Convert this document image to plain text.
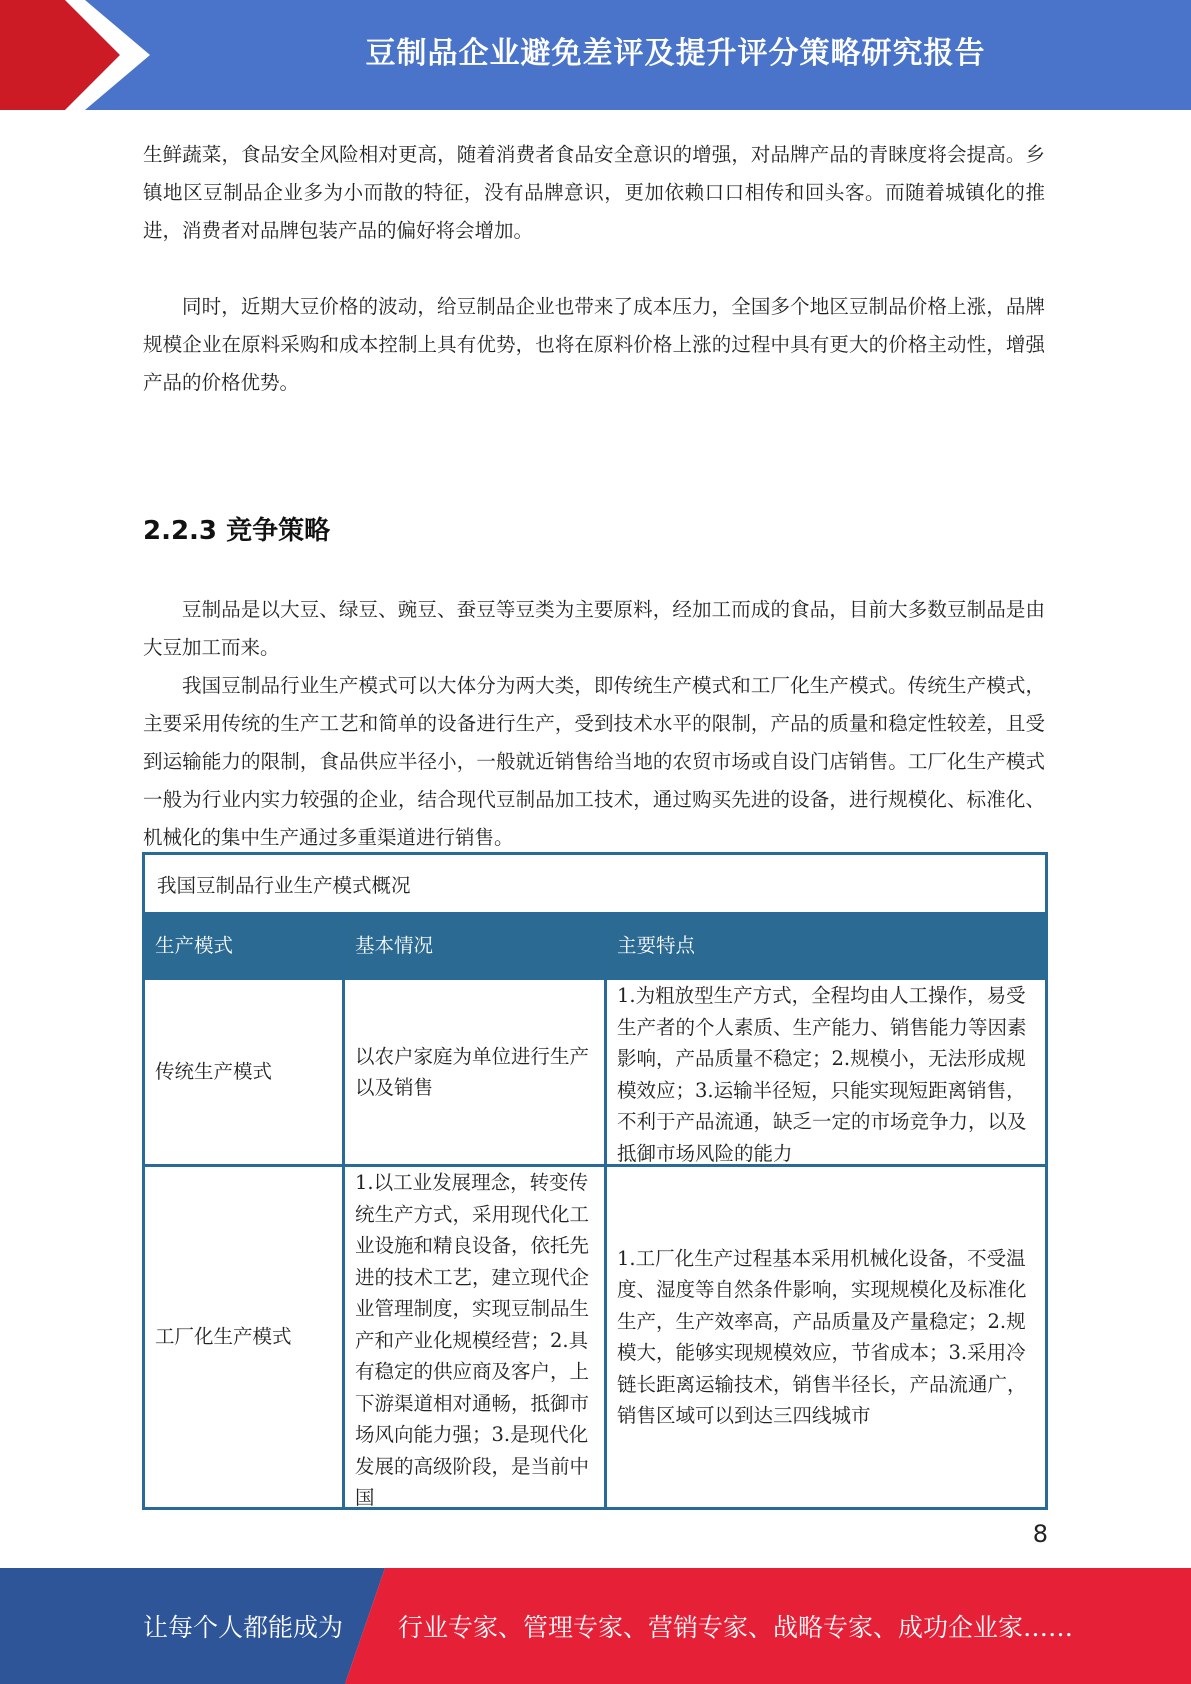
豆制品企业避免差评及提升评分策略研究报告

生鲜蔬菜，食品安全风险相对更高，随着消费者食品安全意识的增强，对品牌产品的青睐度将会提高。乡镇地区豆制品企业多为小而散的特征，没有品牌意识，更加依赖口口相传和回头客。而随着城镇化的推进，消费者对品牌包装产品的偏好将会增加。

同时，近期大豆价格的波动，给豆制品企业也带来了成本压力，全国多个地区豆制品价格上涨，品牌规模企业在原料采购和成本控制上具有优势，也将在原料价格上涨的过程中具有更大的价格主动性，增强产品的价格优势。

2.2.3 竞争策略

豆制品是以大豆、绿豆、豌豆、蚕豆等豆类为主要原料，经加工而成的食品，目前大多数豆制品是由大豆加工而来。

我国豆制品行业生产模式可以大体分为两大类，即传统生产模式和工厂化生产模式。传统生产模式，主要采用传统的生产工艺和简单的设备进行生产，受到技术水平的限制，产品的质量和稳定性较差，且受到运输能力的限制，食品供应半径小，一般就近销售给当地的农贸市场或自设门店销售。工厂化生产模式一般为行业内实力较强的企业，结合现代豆制品加工技术，通过购买先进的设备，进行规模化、标准化、机械化的集中生产通过多重渠道进行销售。

我国豆制品行业生产模式概况
生产模式	基本情况	主要特点
传统生产模式
以农户家庭为单位进行生产以及销售
1.为粗放型生产方式，全程均由人工操作，易受生产者的个人素质、生产能力、销售能力等因素影响，产品质量不稳定；2.规模小，无法形成规模效应；3.运输半径短，只能实现短距离销售，不利于产品流通，缺乏一定的市场竞争力，以及抵御市场风险的能力
工厂化生产模式
1.以工业发展理念，转变传统生产方式，采用现代化工业设施和精良设备，依托先进的技术工艺，建立现代企业管理制度，实现豆制品生产和产业化规模经营；2.具有稳定的供应商及客户，上下游渠道相对通畅，抵御市场风向能力强；3.是现代化发展的高级阶段，是当前中国
1.工厂化生产过程基本采用机械化设备，不受温度、湿度等自然条件影响，实现规模化及标准化生产，生产效率高，产品质量及产量稳定；2.规模大，能够实现规模效应，节省成本；3.采用冷链长距离运输技术，销售半径长，产品流通广，销售区域可以到达三四线城市
8
让每个人都能成为 行业专家、管理专家、营销专家、战略专家、成功企业家……
